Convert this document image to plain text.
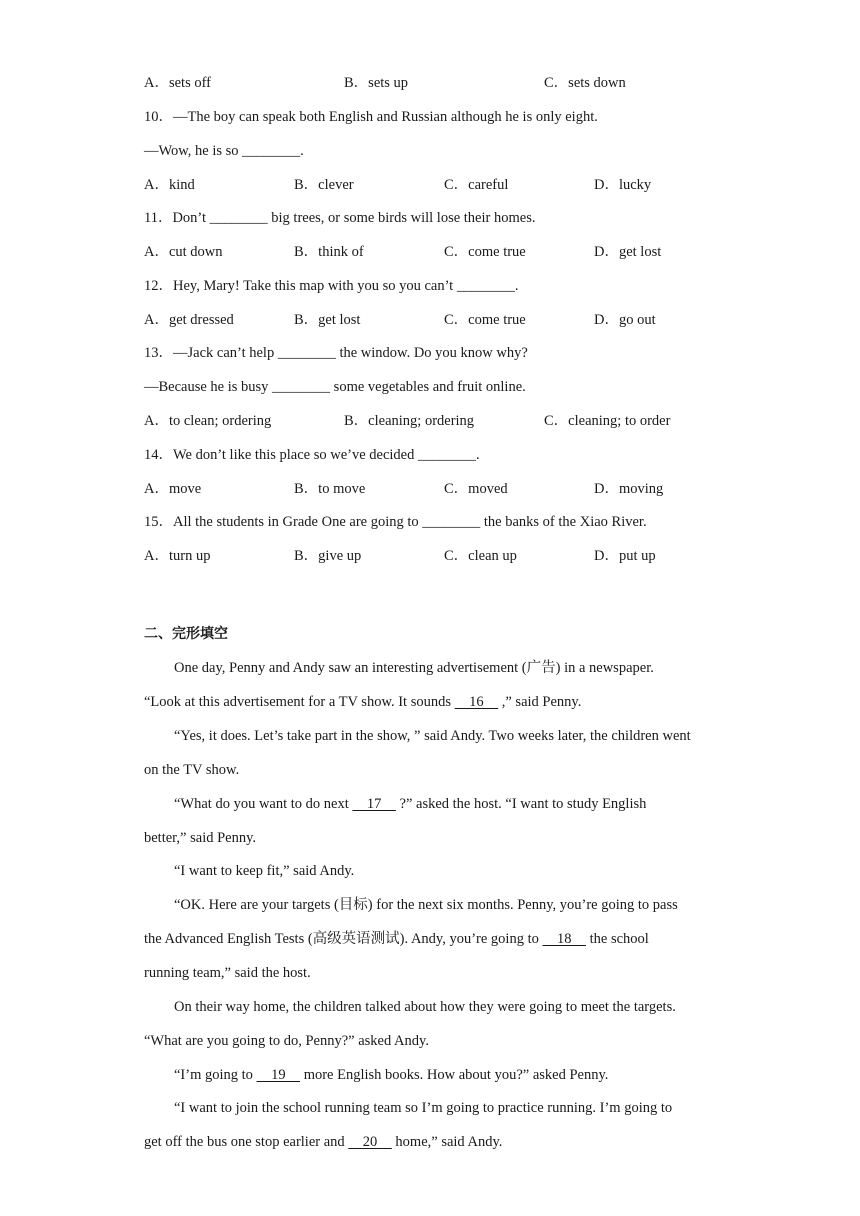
A．sets off	B．sets up	C．sets down
10．—The boy can speak both English and Russian although he is only eight.
—Wow, he is so ________.
A．kind	B．clever	C．careful	D．lucky
11．Don’t ________ big trees, or some birds will lose their homes.
A．cut down	B．think of	C．come true	D．get lost
12．Hey, Mary! Take this map with you so you can’t ________.
A．get dressed	B．get lost	C．come true	D．go out
13．—Jack can’t help ________ the window. Do you know why?
—Because he is busy ________ some vegetables and fruit online.
A．to clean; ordering	B．cleaning; ordering	C．cleaning; to order
14．We don’t like this place so we’ve decided ________.
A．move	B．to move	C．moved	D．moving
15．All the students in Grade One are going to ________ the banks of the Xiao River.
A．turn up	B．give up	C．clean up	D．put up
二、完形填空
One day, Penny and Andy saw an interesting advertisement (广告) in a newspaper.
“Look at this advertisement for a TV show. It sounds     16     ,” said Penny.
“Yes, it does. Let’s take part in the show, ” said Andy. Two weeks later, the children went
on the TV show.
“What do you want to do next     17     ?” asked the host. “I want to study English
better,” said Penny.
“I want to keep fit,” said Andy.
“OK. Here are your targets (目标) for the next six months. Penny, you’re going to pass
the Advanced English Tests (高级英语测试). Andy, you’re going to     18     the school
running team,” said the host.
On their way home, the children talked about how they were going to meet the targets.
“What are you going to do, Penny?” asked Andy.
“I’m going to     19     more English books. How about you?” asked Penny.
“I want to join the school running team so I’m going to practice running. I’m going to
get off the bus one stop earlier and     20     home,” said Andy.
